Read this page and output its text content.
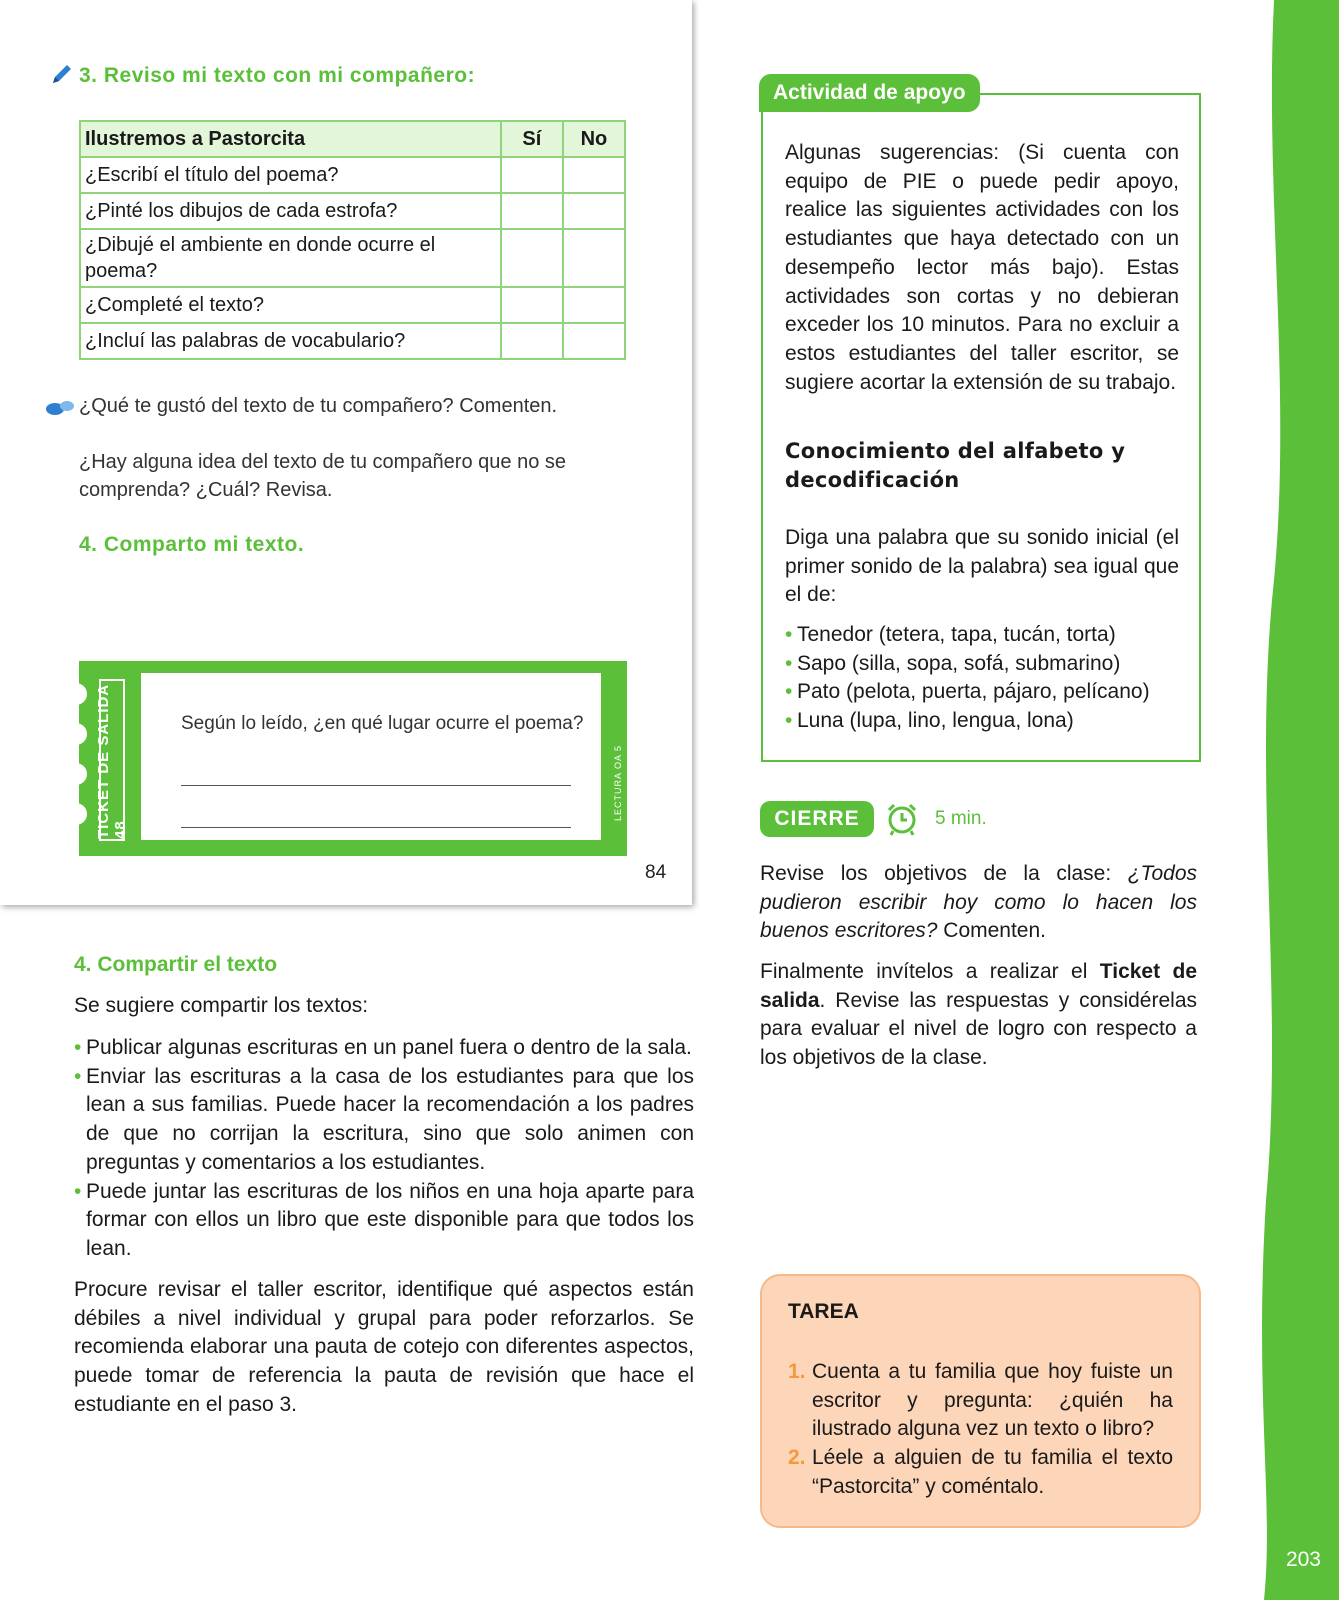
203
3. Reviso mi texto con mi compañero:
Ilustremos a Pastorcita	Sí	No
¿Escribí el título del poema?		
¿Pinté los dibujos de cada estrofa?		
¿Dibujé el ambiente en donde ocurre el poema?		
¿Completé el texto?		
¿Incluí las palabras de vocabulario?		
¿Qué te gustó del texto de tu compañero? Comenten.
¿Hay alguna idea del texto de tu compañero que no se comprenda? ¿Cuál? Revisa.
4. Comparto mi texto.
TICKET DE SALIDA 48
Según lo leído, ¿en qué lugar ocurre el poema?
LECTURA OA 5
84
Algunas sugerencias: (Si cuenta con equipo de PIE o puede pedir apoyo, realice las siguientes actividades con los estudiantes que haya detectado con un desempeño lector más bajo). Estas actividades son cortas y no debieran exceder los 10 minutos. Para no excluir a estos estudiantes del taller escritor, se sugiere acortar la extensión de su trabajo.
Conocimiento del alfabeto y
decodificación
Diga una palabra que su sonido inicial (el primer sonido de la palabra) sea igual que el de:
• Tenedor (tetera, tapa, tucán, torta)
• Sapo (silla, sopa, sofá, submarino)
• Pato (pelota, puerta, pájaro, pelícano)
• Luna (lupa, lino, lengua, lona)
Actividad de apoyo
CIERRE	5 min.
Revise los objetivos de la clase: ¿Todos pudieron escribir hoy como lo hacen los buenos escritores? Comenten.
Finalmente invítelos a realizar el Ticket de salida. Revise las respuestas y considérelas para evaluar el nivel de logro con respecto a los objetivos de la clase.
4. Compartir el texto
Se sugiere compartir los textos:
• Publicar algunas escrituras en un panel fuera o dentro de la sala.
• Enviar las escrituras a la casa de los estudiantes para que los lean a sus familias. Puede hacer la recomendación a los padres de que no corrijan la escritura, sino que solo animen con preguntas y comentarios a los estudiantes.
• Puede juntar las escrituras de los niños en una hoja aparte para formar con ellos un libro que este disponible para que todos los lean.
Procure revisar el taller escritor, identifique qué aspectos están débiles a nivel individual y grupal para poder reforzarlos. Se recomienda elaborar una pauta de cotejo con diferentes aspectos, puede tomar de referencia la pauta de revisión que hace el estudiante en el paso 3.
TAREA
1. Cuenta a tu familia que hoy fuiste un escritor y pregunta: ¿quién ha ilustrado alguna vez un texto o libro?
2. Léele a alguien de tu familia el texto “Pastorcita” y coméntalo.
